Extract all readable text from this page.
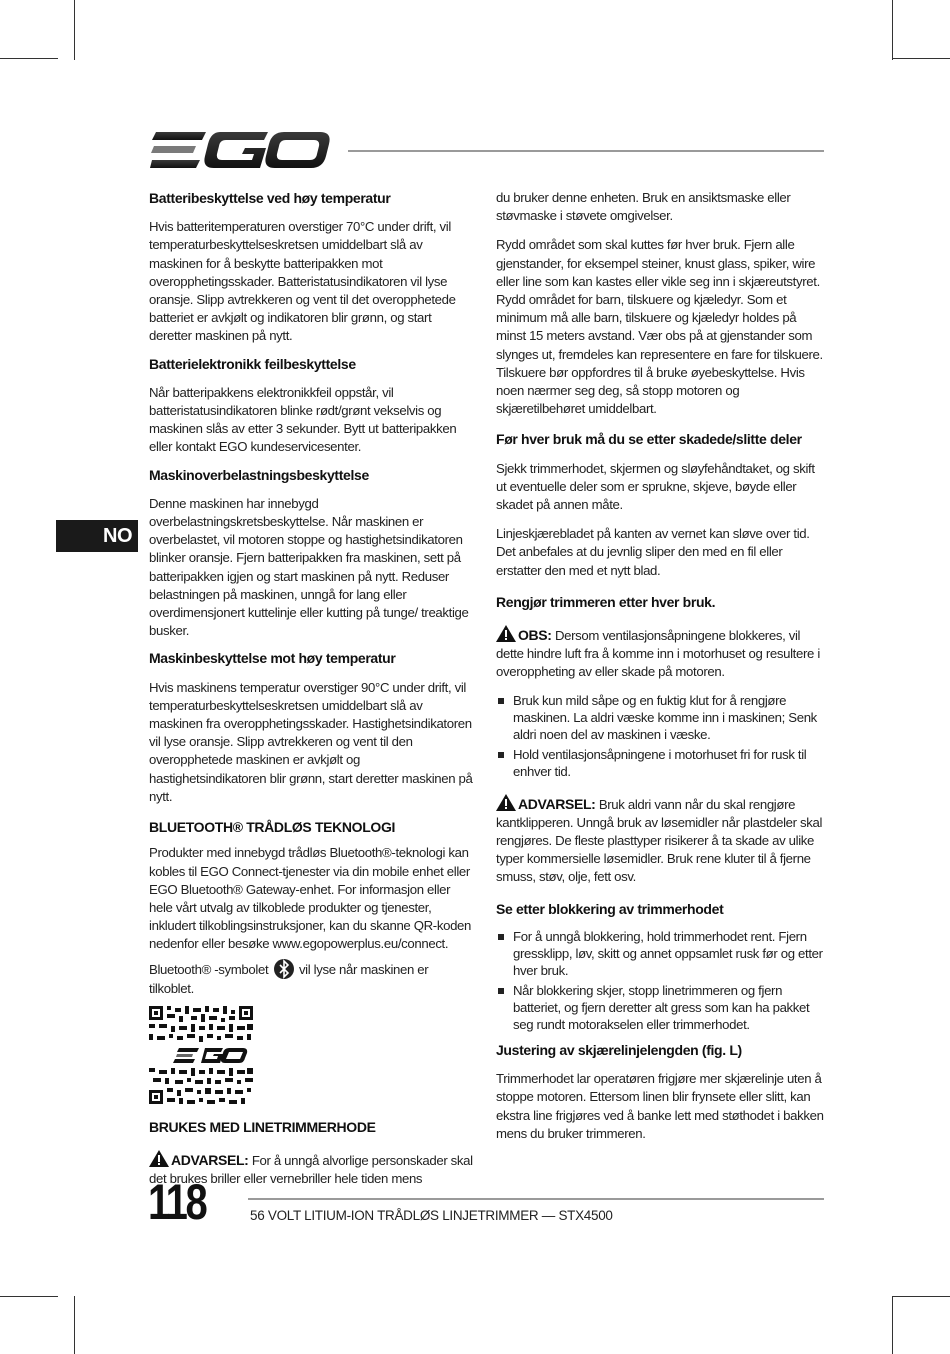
NO
Batteribeskyttelse ved høy temperatur

Hvis batteritemperaturen overstiger 70°C under drift, vil temperaturbeskyttelseskretsen umiddelbart slå av maskinen for å beskytte batteripakken mot overopphetingsskader. Batteristatusindikatoren vil lyse oransje. Slipp avtrekkeren og vent til det overopphetede batteriet er avkjølt og indikatoren blir grønn, og start deretter maskinen på nytt.

Batterielektronikk feilbeskyttelse

Når batteripakkens elektronikkfeil oppstår, vil batteristatusindikatoren blinke rødt/grønt vekselvis og maskinen slås av etter 3 sekunder. Bytt ut batteripakken eller kontakt EGO kundeservicesenter.

Maskinoverbelastningsbeskyttelse

Denne maskinen har innebygd overbelastningskretsbeskyttelse. Når maskinen er overbelastet, vil motoren stoppe og hastighetsindikatoren blinker oransje. Fjern batteripakken fra maskinen, sett på batteripakken igjen og start maskinen på nytt. Reduser belastningen på maskinen, unngå for lang eller overdimensjonert kuttelinje eller kutting på tunge/ treaktige busker.

Maskinbeskyttelse mot høy temperatur

Hvis maskinens temperatur overstiger 90°C under drift, vil temperaturbeskyttelseskretsen umiddelbart slå av maskinen fra overopphetingsskader. Hastighetsindikatoren vil lyse oransje. Slipp avtrekkeren og vent til den overopphetede maskinen er avkjølt og hastighetsindikatoren blir grønn, start deretter maskinen på nytt.

BLUETOOTH® TRÅDLØS TEKNOLOGI

Produkter med innebygd trådløs Bluetooth®-teknologi kan kobles til EGO Connect-tjenester via din mobile enhet eller EGO Bluetooth® Gateway-enhet. For informasjon eller hele vårt utvalg av tilkoblede produkter og tjenester, inkludert tilkoblingsinstruksjoner, kan du skanne QR-koden nedenfor eller besøke www.egopowerplus.eu/connect.

Bluetooth® -symbolet vil lyse når maskinen er tilkoblet.

BRUKES MED LINETRIMMERHODE

ADVARSEL: For å unngå alvorlige personskader skal det brukes briller eller vernebriller hele tiden mens

du bruker denne enheten. Bruk en ansiktsmaske eller støvmaske i støvete omgivelser.

Rydd området som skal kuttes før hver bruk. Fjern alle gjenstander, for eksempel steiner, knust glass, spiker, wire eller line som kan kastes eller vikle seg inn i skjæreutstyret. Rydd området for barn, tilskuere og kjæledyr. Som et minimum må alle barn, tilskuere og kjæledyr holdes på minst 15 meters avstand. Vær obs på at gjenstander som slynges ut, fremdeles kan representere en fare for tilskuere. Tilskuere bør oppfordres til å bruke øyebeskyttelse. Hvis noen nærmer seg deg, så stopp motoren og skjæretilbehøret umiddelbart.

Før hver bruk må du se etter skadede/slitte deler

Sjekk trimmerhodet, skjermen og sløyfehåndtaket, og skift ut eventuelle deler som er sprukne, skjeve, bøyde eller skadet på annen måte.

Linjeskjærebladet på kanten av vernet kan sløve over tid. Det anbefales at du jevnlig sliper den med en fil eller erstatter den med et nytt blad.

Rengjør trimmeren etter hver bruk.

OBS: Dersom ventilasjonsåpningene blokkeres, vil dette hindre luft fra å komme inn i motorhuset og resultere i overoppheting av eller skade på motoren.

Bruk kun mild såpe og en fuktig klut for å rengjøre maskinen. La aldri væske komme inn i maskinen; Senk aldri noen del av maskinen i væske.
Hold ventilasjonsåpningene i motorhuset fri for rusk til enhver tid.

ADVARSEL: Bruk aldri vann når du skal rengjøre kantklipperen. Unngå bruk av løsemidler når plastdeler skal rengjøres. De fleste plasttyper risikerer å ta skade av ulike typer kommersielle løsemidler. Bruk rene kluter til å fjerne smuss, støv, olje, fett osv.

Se etter blokkering av trimmerhodet
For å unngå blokkering, hold trimmerhodet rent. Fjern gressklipp, løv, skitt og annet oppsamlet rusk før og etter hver bruk.
Når blokkering skjer, stopp linetrimmeren og fjern batteriet, og fjern deretter alt gress som kan ha pakket seg rundt motorakselen eller trimmerhodet.
Justering av skjærelinjelengden (fig. L)

Trimmerhodet lar operatøren frigjøre mer skjærelinje uten å stoppe motoren. Ettersom linen blir frynsete eller slitt, kan ekstra line frigjøres ved å banke lett med støthodet i bakken mens du bruker trimmeren.

118	56 VOLT LITIUM-ION TRÅDLØS LINJETRIMMER — STX4500
